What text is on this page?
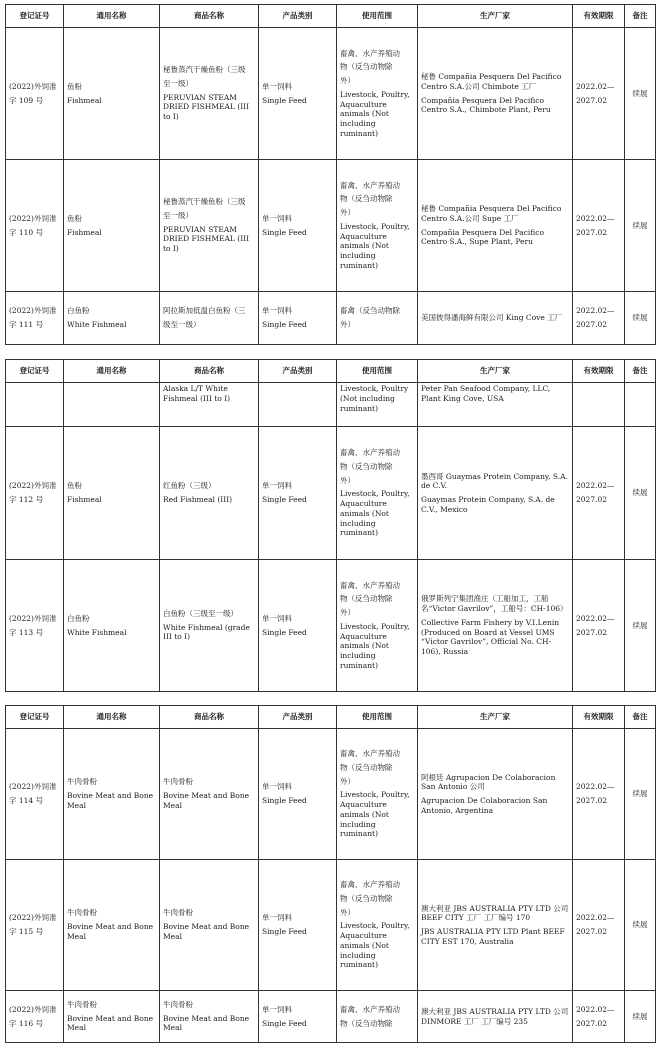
登记证号	通用名称	商品名称	产品类别	使用范围	生产厂家	有效期限	备注

(2022)外饲准
字 109 号	鱼粉
Fishmeal	秘鲁蒸汽干燥鱼粉（三级
至一级）
PERUVIAN STEAM DRIED FISHMEAL (III to I)	单一饲料
Single Feed	畜禽、水产养殖动
物（反刍动物除
外）
Livestock, Poultry, Aquaculture animals (Not including ruminant)	秘鲁 Compañia Pesquera Del Pacifico Centro S.A.公司 Chimbote 工厂
Compañia Pesquera Del Pacifico Centro S.A., Chimbote Plant, Peru	2022.02—
2027.02	续展

(2022)外饲准
字 110 号	鱼粉
Fishmeal	秘鲁蒸汽干燥鱼粉（三级
至一级）
PERUVIAN STEAM DRIED FISHMEAL (III to I)	单一饲料
Single Feed	畜禽、水产养殖动
物（反刍动物除
外）
Livestock, Poultry, Aquaculture animals (Not including ruminant)	秘鲁 Compañia Pesquera Del Pacifico Centro S.A.公司 Supe 工厂
Compañia Pesquera Del Pacifico Centro S.A., Supe Plant, Peru	2022.02—
2027.02	续展

(2022)外饲准
字 111 号	白鱼粉
White Fishmeal	阿拉斯加低温白鱼粉（三
级至一级）	单一饲料
Single Feed	畜禽（反刍动物除
外）	美国彼得潘海鲜有限公司 King Cove 工厂	2022.02—
2027.02	续展
登记证号	通用名称	商品名称	产品类别	使用范围	生产厂家	有效期限	备注

		Alaska L/T White Fishmeal (III to I)		Livestock, Poultry (Not including ruminant)	Peter Pan Seafood Company, LLC, Plant King Cove, USA		

(2022)外饲准
字 112 号	鱼粉
Fishmeal	红鱼粉（三级）
Red Fishmeal (III)	单一饲料
Single Feed	畜禽、水产养殖动
物（反刍动物除
外）
Livestock, Poultry, Aquaculture animals (Not including ruminant)	墨西哥 Guaymas Protein Company, S.A. de C.V.
Guaymas Protein Company, S.A. de C.V., Mexico	2022.02—
2027.02	续展

(2022)外饲准
字 113 号	白鱼粉
White Fishmeal	白鱼粉（三级至一级）
White Fishmeal (grade III to I)	单一饲料
Single Feed	畜禽、水产养殖动
物（反刍动物除
外）
Livestock, Poultry, Aquaculture animals (Not including ruminant)	俄罗斯列宁集团渔庄（工船加工，工船名“Victor Gavrilov”，工船号：CH-106）
Collective Farm Fishery by V.I.Lenin (Produced on Board at Vessel UMS “Victor Gavrilov”, Official No. CH-106), Russia	2022.02—
2027.02	续展
登记证号	通用名称	商品名称	产品类别	使用范围	生产厂家	有效期限	备注

(2022)外饲准
字 114 号	牛肉骨粉
Bovine Meat and Bone Meal	牛肉骨粉
Bovine Meat and Bone Meal	单一饲料
Single Feed	畜禽、水产养殖动
物（反刍动物除
外）
Livestock, Poultry, Aquaculture animals (Not including ruminant)	阿根廷 Agrupacion De Colaboracion San Antonio 公司
Agrupacion De Colaboracion San Antonio, Argentina	2022.02—
2027.02	续展

(2022)外饲准
字 115 号	牛肉骨粉
Bovine Meat and Bone Meal	牛肉骨粉
Bovine Meat and Bone Meal	单一饲料
Single Feed	畜禽、水产养殖动
物（反刍动物除
外）
Livestock, Poultry, Aquaculture animals (Not including ruminant)	澳大利亚 JBS AUSTRALIA PTY LTD 公司 BEEF CITY 工厂 工厂编号 170
JBS AUSTRALIA PTY LTD Plant BEEF CITY EST 170, Australia	2022.02—
2027.02	续展

(2022)外饲准
字 116 号	牛肉骨粉
Bovine Meat and Bone Meal	牛肉骨粉
Bovine Meat and Bone Meal	单一饲料
Single Feed	畜禽、水产养殖动
物（反刍动物除	澳大利亚 JBS AUSTRALIA PTY LTD 公司 DINMORE 工厂 工厂编号 235	2022.02—
2027.02	续展
